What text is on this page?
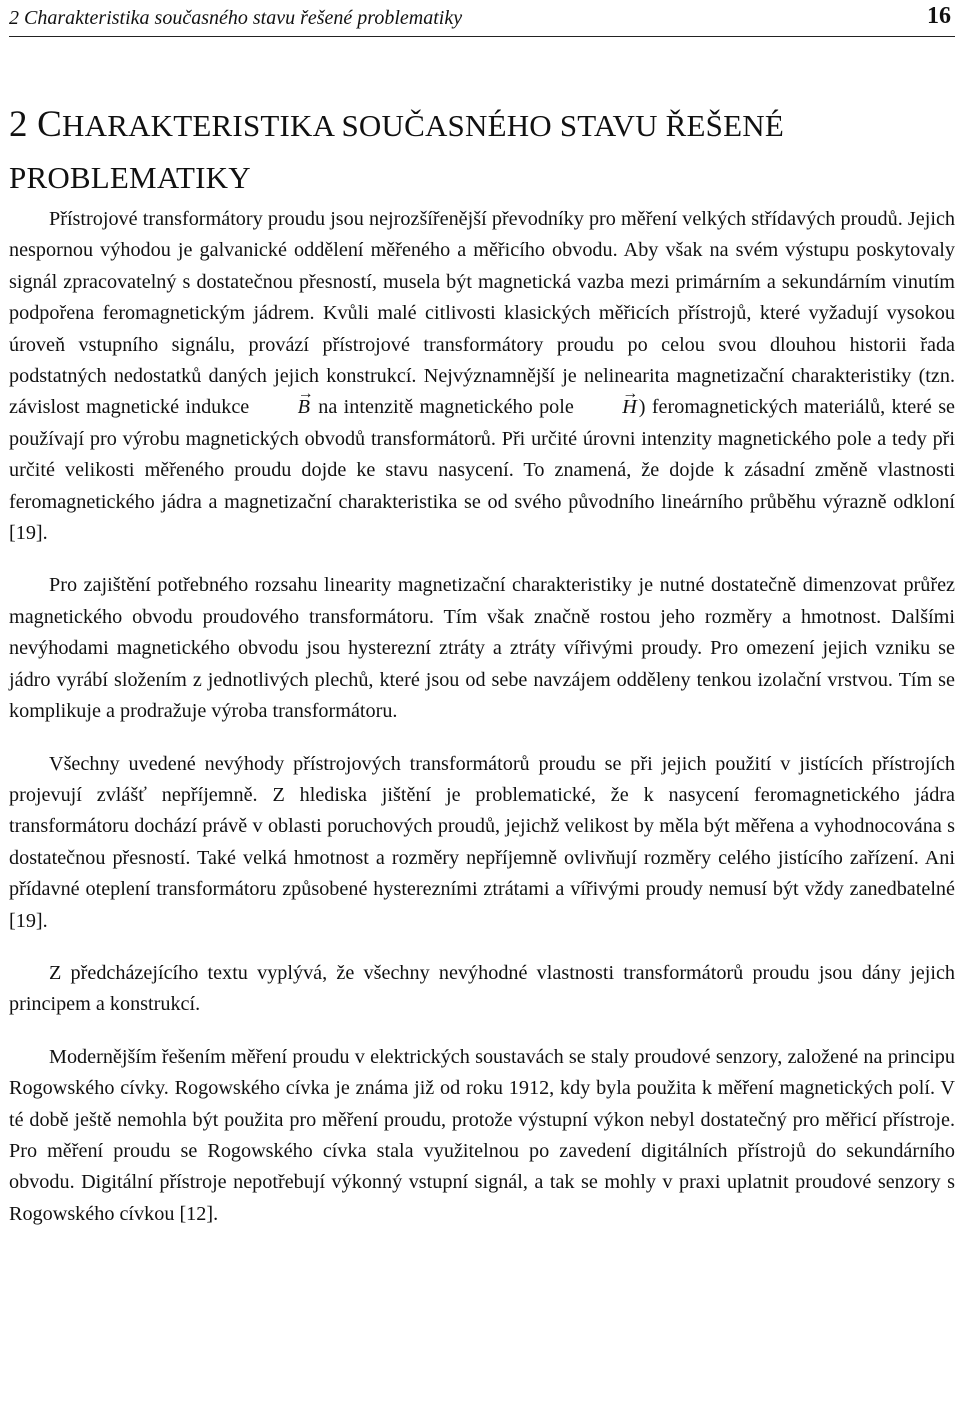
2 Charakteristika současného stavu řešené problematiky	16
2 CHARAKTERISTIKA SOUČASNÉHO STAVU ŘEŠENÉ
PROBLEMATIKY

Přístrojové transformátory proudu jsou nejrozšířenější převodníky pro měření velkých střídavých proudů. Jejich nespornou výhodou je galvanické oddělení měřeného a měřicího obvodu. Aby však na svém výstupu poskytovaly signál zpracovatelný s dostatečnou přesností, musela být magnetická vazba mezi primárním a sekundárním vinutím podpořena feromagnetickým jádrem. Kvůli malé citlivosti klasických měřicích přístrojů, které vyžadují vysokou úroveň vstupního signálu, provází přístrojové transformátory proudu po celou svou dlouhou historii řada podstatných nedostatků daných jejich konstrukcí. Nejvýznamnější je nelinearita magnetizační charakteristiky (tzn. závislost magnetické indukce → B na intenzitě magnetického pole → H) feromagnetických materiálů, které se používají pro výrobu magnetických obvodů transformátorů. Při určité úrovni intenzity magnetického pole a tedy při určité velikosti měřeného proudu dojde ke stavu nasycení. To znamená, že dojde k zásadní změně vlastnosti feromagnetického jádra a magnetizační charakteristika se od svého původního lineárního průběhu výrazně odkloní [19].

Pro zajištění potřebného rozsahu linearity magnetizační charakteristiky je nutné dostatečně dimenzovat průřez magnetického obvodu proudového transformátoru. Tím však značně rostou jeho rozměry a hmotnost. Dalšími nevýhodami magnetického obvodu jsou hysterezní ztráty a ztráty vířivými proudy. Pro omezení jejich vzniku se jádro vyrábí složením z jednotlivých plechů, které jsou od sebe navzájem odděleny tenkou izolační vrstvou. Tím se komplikuje a prodražuje výroba transformátoru.

Všechny uvedené nevýhody přístrojových transformátorů proudu se při jejich použití v jistících přístrojích projevují zvlášť nepříjemně. Z hlediska jištění je problematické, že k nasycení feromagnetického jádra transformátoru dochází právě v oblasti poruchových proudů, jejichž velikost by měla být měřena a vyhodnocována s dostatečnou přesností. Také velká hmotnost a rozměry nepříjemně ovlivňují rozměry celého jistícího zařízení. Ani přídavné oteplení transformátoru způsobené hysterezními ztrátami a vířivými proudy nemusí být vždy zanedbatelné [19].

Z předcházejícího textu vyplývá, že všechny nevýhodné vlastnosti transformátorů proudu jsou dány jejich principem a konstrukcí.

Modernějším řešením měření proudu v elektrických soustavách se staly proudové senzory, založené na principu Rogowského cívky. Rogowského cívka je známa již od roku 1912, kdy byla použita k měření magnetických polí. V té době ještě nemohla být použita pro měření proudu, protože výstupní výkon nebyl dostatečný pro měřicí přístroje. Pro měření proudu se Rogowského cívka stala využitelnou po zavedení digitálních přístrojů do sekundárního obvodu. Digitální přístroje nepotřebují výkonný vstupní signál, a tak se mohly v praxi uplatnit proudové senzory s Rogowského cívkou [12].
